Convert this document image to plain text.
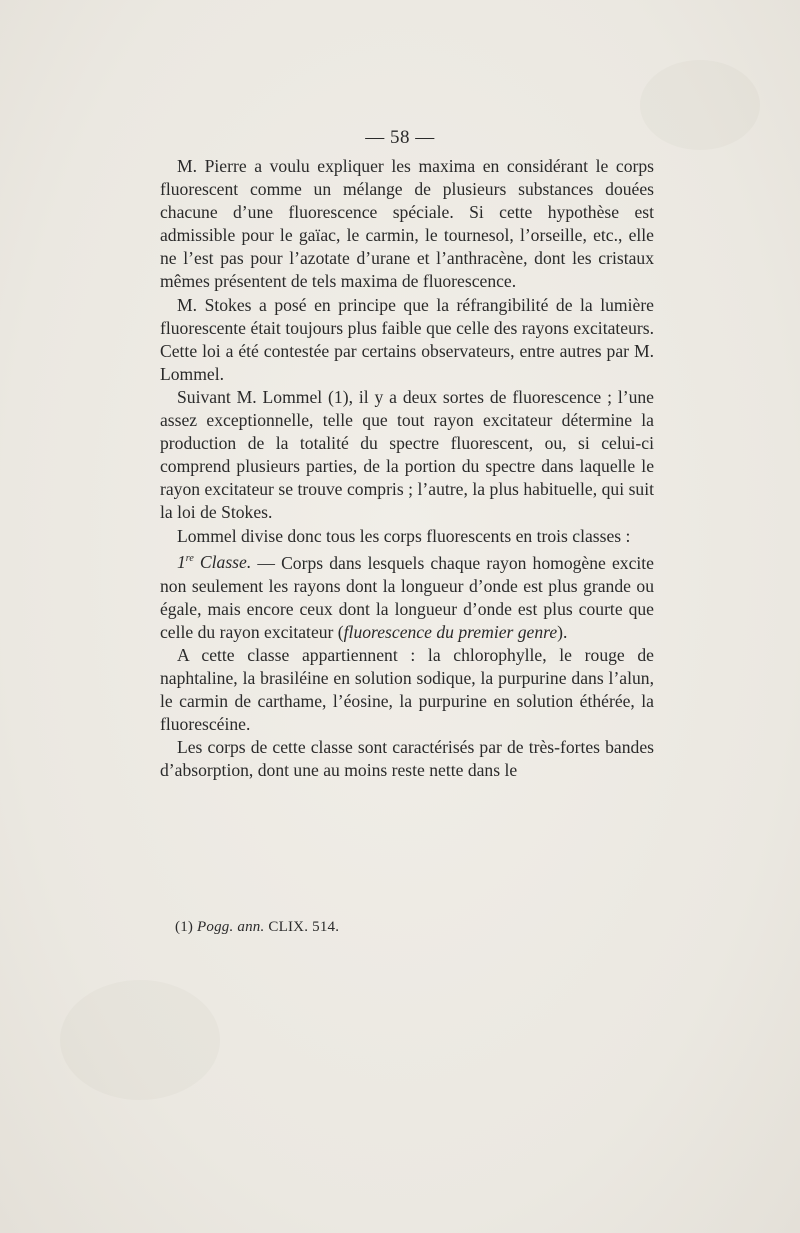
— 58 —

M. Pierre a voulu expliquer les maxima en considérant le corps fluorescent comme un mélange de plusieurs substances douées chacune d’une fluorescence spéciale. Si cette hypothèse est admissible pour le gaïac, le carmin, le tournesol, l’orseille, etc., elle ne l’est pas pour l’azotate d’urane et l’anthracène, dont les cristaux mêmes présentent de tels maxima de fluorescence.

M. Stokes a posé en principe que la réfrangibilité de la lumière fluorescente était toujours plus faible que celle des rayons excitateurs. Cette loi a été contestée par certains observateurs, entre autres par M. Lommel.

Suivant M. Lommel (1), il y a deux sortes de fluorescence ; l’une assez exceptionnelle, telle que tout rayon excitateur détermine la production de la totalité du spectre fluorescent, ou, si celui-ci comprend plusieurs parties, de la portion du spectre dans laquelle le rayon excitateur se trouve compris ; l’autre, la plus habituelle, qui suit la loi de Stokes.

Lommel divise donc tous les corps fluorescents en trois classes :

1re Classe. — Corps dans lesquels chaque rayon homogène excite non seulement les rayons dont la longueur d’onde est plus grande ou égale, mais encore ceux dont la longueur d’onde est plus courte que celle du rayon excitateur (fluorescence du premier genre).

A cette classe appartiennent : la chlorophylle, le rouge de naphtaline, la brasiléine en solution sodique, la purpurine dans l’alun, le carmin de carthame, l’éosine, la purpurine en solution éthérée, la fluorescéine.

Les corps de cette classe sont caractérisés par de très-fortes bandes d’absorption, dont une au moins reste nette dans le

(1) Pogg. ann. CLIX. 514.
